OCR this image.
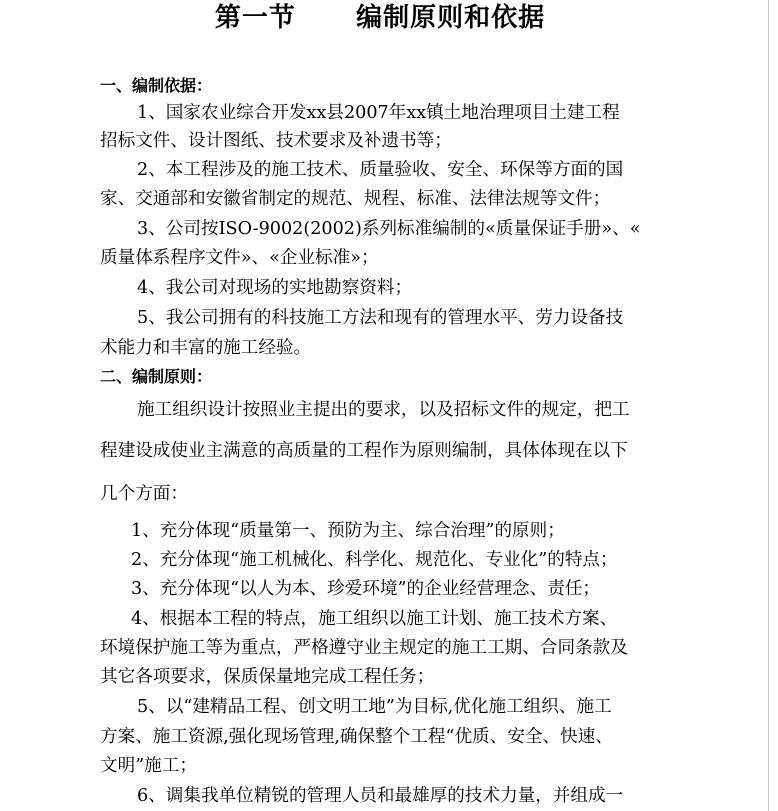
第一节      编制原则和依据
一、编制依据：
1、国家农业综合开发xx县2007年xx镇土地治理项目土建工程
招标文件、设计图纸、技术要求及补遗书等；
2、本工程涉及的施工技术、质量验收、安全、环保等方面的国
家、交通部和安徽省制定的规范、规程、标准、法律法规等文件；
3、公司按ISO-9002(2002)系列标准编制的«质量保证手册»、«
质量体系程序文件»、«企业标准»；
4、我公司对现场的实地勘察资料；
5、我公司拥有的科技施工方法和现有的管理水平、劳力设备技
术能力和丰富的施工经验。
二、编制原则：
施工组织设计按照业主提出的要求，以及招标文件的规定，把工
程建设成使业主满意的高质量的工程作为原则编制，具体体现在以下
几个方面：
1、充分体现“质量第一、预防为主、综合治理”的原则；
2、充分体现“施工机械化、科学化、规范化、专业化”的特点；
3、充分体现“以人为本、珍爱环境”的企业经营理念、责任；
4、根据本工程的特点，施工组织以施工计划、施工技术方案、
环境保护施工等为重点，严格遵守业主规定的施工工期、合同条款及
其它各项要求，保质保量地完成工程任务；
5、以“建精品工程、创文明工地”为目标,优化施工组织、施工
方案、施工资源,强化现场管理,确保整个工程“优质、安全、快速、
文明”施工；
6、调集我单位精锐的管理人员和最雄厚的技术力量，并组成一
